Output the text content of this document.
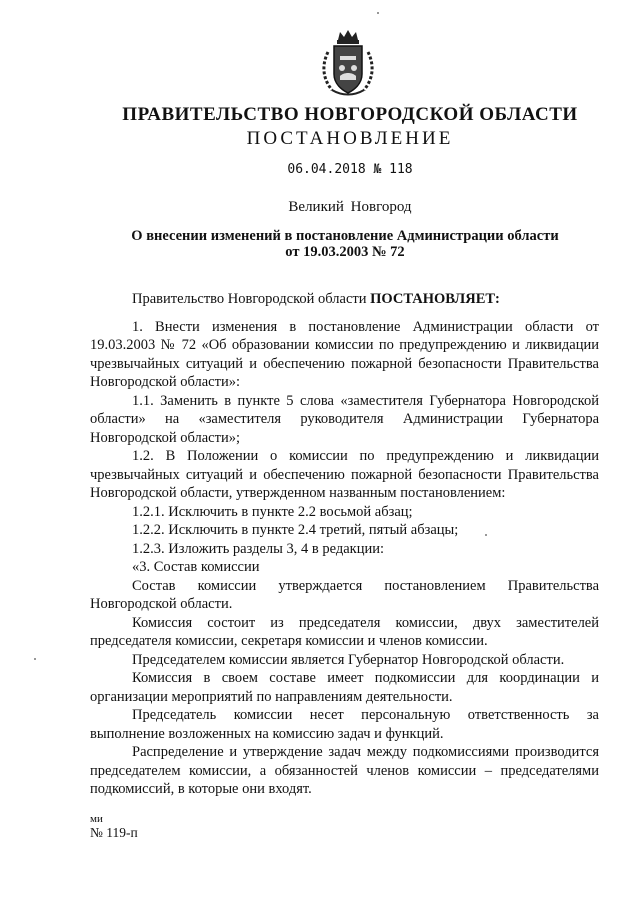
ПРАВИТЕЛЬСТВО НОВГОРОДСКОЙ ОБЛАСТИ
ПОСТАНОВЛЕНИЕ
06.04.2018 № 118
Великий Новгород
О внесении изменений в постановление Администрации области
от 19.03.2003 № 72

Правительство Новгородской области ПОСТАНОВЛЯЕТ:

1. Внести изменения в постановление Администрации области от 19.03.2003 № 72 «Об образовании комиссии по предупреждению и ликвидации чрезвычайных ситуаций и обеспечению пожарной безопасности Правительства Новгородской области»:

1.1. Заменить в пункте 5 слова «заместителя Губернатора Новгородской области» на «заместителя руководителя Администрации Губернатора Новгородской области»;

1.2. В Положении о комиссии по предупреждению и ликвидации чрезвычайных ситуаций и обеспечению пожарной безопасности Правительства Новгородской области, утвержденном названным постановлением:

1.2.1. Исключить в пункте 2.2 восьмой абзац;

1.2.2. Исключить в пункте 2.4 третий, пятый абзацы;

1.2.3. Изложить разделы 3, 4 в редакции:

«3. Состав комиссии

Состав комиссии утверждается постановлением Правительства Новгородской области.

Комиссия состоит из председателя комиссии, двух заместителей председателя комиссии, секретаря комиссии и членов комиссии.

Председателем комиссии является Губернатор Новгородской области.

Комиссия в своем составе имеет подкомиссии для координации и организации мероприятий по направлениям деятельности.

Председатель комиссии несет персональную ответственность за выполнение возложенных на комиссию задач и функций.

Распределение и утверждение задач между подкомиссиями производится председателем комиссии, а обязанностей членов комиссии – председателями подкомиссий, в которые они входят.

ми
№ 119-п
